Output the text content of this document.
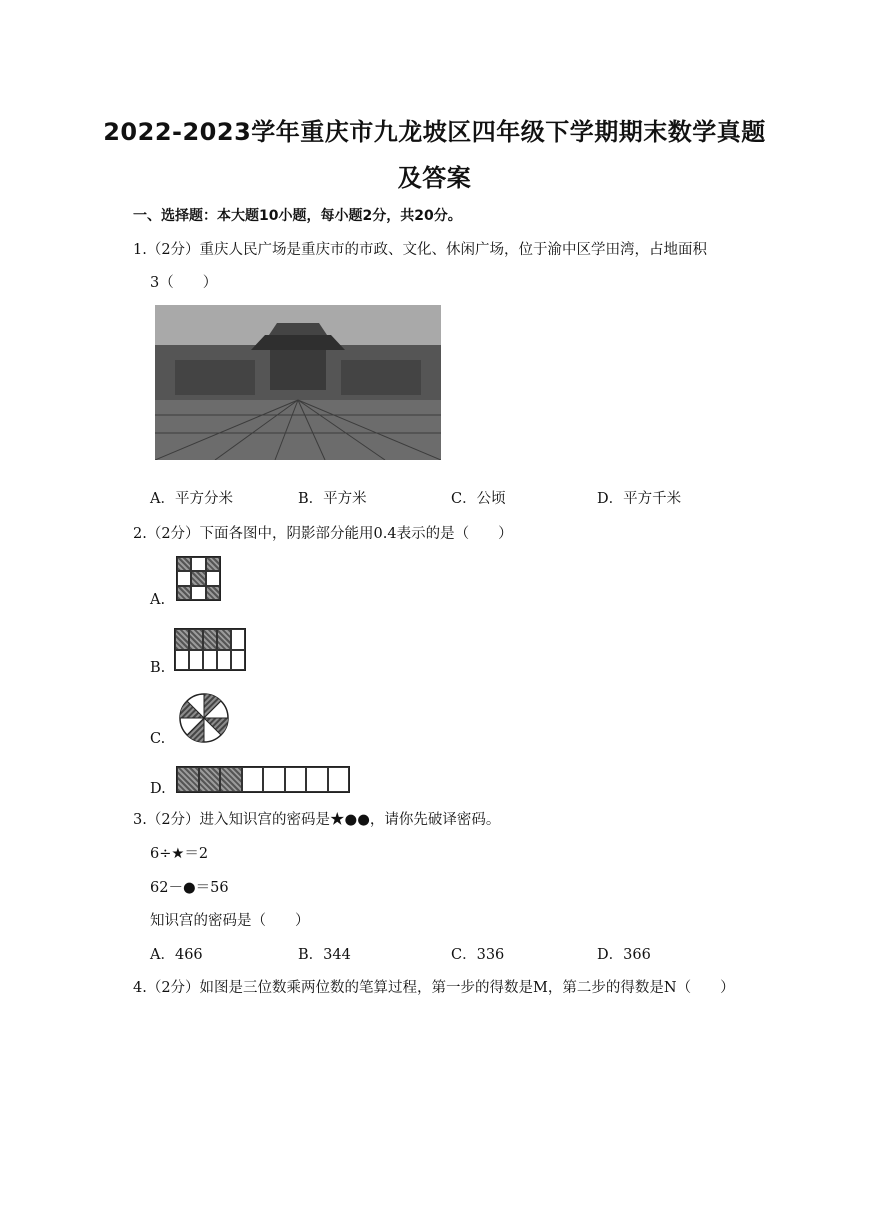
2022-2023学年重庆市九龙坡区四年级下学期期末数学真题
及答案
一、选择题：本大题10小题，每小题2分，共20分。
1.（2分）重庆人民广场是重庆市的市政、文化、休闲广场，位于渝中区学田湾，占地面积
3（　　）
A．平方分米	B．平方米	C．公顷	D．平方千米
2.（2分）下面各图中，阴影部分能用0.4表示的是（　　）
A.
B.
C.
D.
3.（2分）进入知识宫的密码是★●●，请你先破译密码。
6÷★＝2
62－●＝56
知识宫的密码是（　　）
A．466	B．344	C．336	D．366
4.（2分）如图是三位数乘两位数的笔算过程，第一步的得数是M，第二步的得数是N（　　）
